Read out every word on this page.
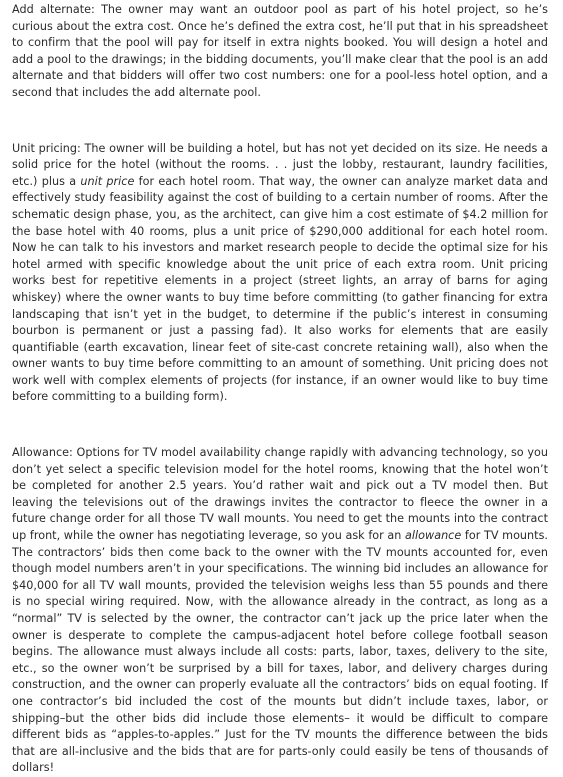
Add alternate: The owner may want an outdoor pool as part of his hotel project, so he’s curious about the extra cost. Once he’s defined the extra cost, he’ll put that in his spreadsheet to confirm that the pool will pay for itself in extra nights booked. You will design a hotel and add a pool to the drawings; in the bidding documents, you’ll make clear that the pool is an add alternate and that bidders will offer two cost numbers: one for a pool-less hotel option, and a second that includes the add alternate pool.

Unit pricing: The owner will be building a hotel, but has not yet decided on its size. He needs a solid price for the hotel (without the rooms. . . just the lobby, restaurant, laundry facilities, etc.) plus a unit price for each hotel room. That way, the owner can analyze market data and effectively study feasibility against the cost of building to a certain number of rooms. After the schematic design phase, you, as the architect, can give him a cost estimate of $4.2 million for the base hotel with 40 rooms, plus a unit price of $290,000 additional for each hotel room. Now he can talk to his investors and market research people to decide the optimal size for his hotel armed with specific knowledge about the unit price of each extra room. Unit pricing works best for repetitive elements in a project (street lights, an array of barns for aging whiskey) where the owner wants to buy time before committing (to gather financing for extra landscaping that isn’t yet in the budget, to determine if the public’s interest in consuming bourbon is permanent or just a passing fad). It also works for elements that are easily quantifiable (earth excavation, linear feet of site-cast concrete retaining wall), also when the owner wants to buy time before committing to an amount of something. Unit pricing does not work well with complex elements of projects (for instance, if an owner would like to buy time before committing to a building form).

Allowance: Options for TV model availability change rapidly with advancing technology, so you don’t yet select a specific television model for the hotel rooms, knowing that the hotel won’t be completed for another 2.5 years. You’d rather wait and pick out a TV model then. But leaving the televisions out of the drawings invites the contractor to fleece the owner in a future change order for all those TV wall mounts. You need to get the mounts into the contract up front, while the owner has negotiating leverage, so you ask for an allowance for TV mounts. The contractors’ bids then come back to the owner with the TV mounts accounted for, even though model numbers aren’t in your specifications. The winning bid includes an allowance for $40,000 for all TV wall mounts, provided the television weighs less than 55 pounds and there is no special wiring required. Now, with the allowance already in the contract, as long as a “normal” TV is selected by the owner, the contractor can’t jack up the price later when the owner is desperate to complete the campus-adjacent hotel before college football season begins. The allowance must always include all costs: parts, labor, taxes, delivery to the site, etc., so the owner won’t be surprised by a bill for taxes, labor, and delivery charges during construction, and the owner can properly evaluate all the contractors’ bids on equal footing. If one contractor’s bid included the cost of the mounts but didn’t include taxes, labor, or shipping–but the other bids did include those elements– it would be difficult to compare different bids as “apples-to-apples.” Just for the TV mounts the difference between the bids that are all-inclusive and the bids that are for parts-only could easily be tens of thousands of dollars!
